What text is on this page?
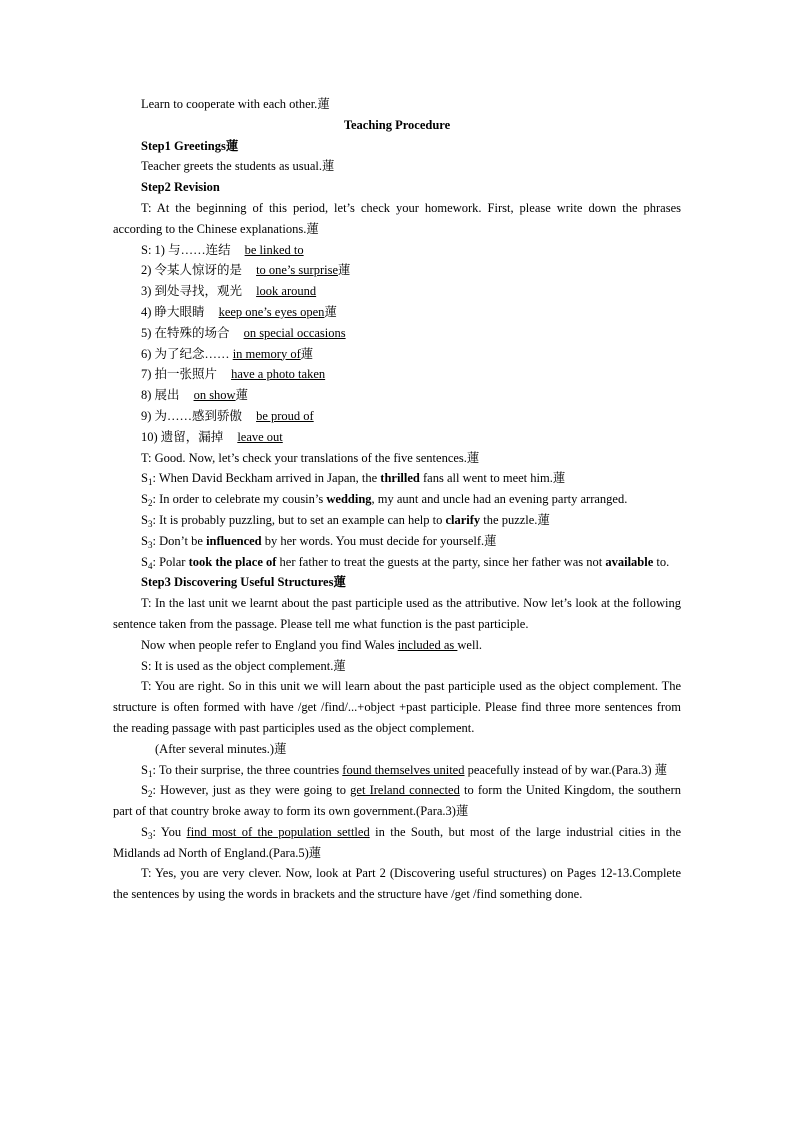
Learn to cooperate with each other.蓮

Teaching Procedure

Step1 Greetings蓮

Teacher greets the students as usual.蓮

Step2 Revision

T: At the beginning of this period, let’s check your homework. First, please write down the phrases according to the Chinese explanations.蓮

S: 1) 与……连结 be linked to

2) 令某人惊讶的是 to one’s surprise蓮

3) 到处寻找，观光 look around

4) 睁大眼睛 keep one’s eyes open蓮

5) 在特殊的场合 on special occasions

6) 为了纪念…… in memory of蓮

7) 拍一张照片 have a photo taken

8) 展出 on show蓮

9) 为……感到骄傲 be proud of

10) 遗留，漏掉 leave out

T: Good. Now, let’s check your translations of the five sentences.蓮

$S_1$: When David Beckham arrived in Japan, the thrilled fans all went to meet him.蓮

$S_2$: In order to celebrate my cousin’s wedding, my aunt and uncle had an evening party arranged.

$S_3$: It is probably puzzling, but to set an example can help to clarify the puzzle.蓮

$S_3$: Don’t be influenced by her words. You must decide for yourself.蓮

$S_4$: Polar took the place of her father to treat the guests at the party, since her father was not available to.

Step3 Discovering Useful Structures蓮

T: In the last unit we learnt about the past participle used as the attributive. Now let’s look at the following sentence taken from the passage. Please tell me what function is the past participle.

Now when people refer to England you find Wales included as well.

S: It is used as the object complement.蓮

T: You are right. So in this unit we will learn about the past participle used as the object complement. The structure is often formed with have /get /find/...+object +past participle. Please find three more sentences from the reading passage with past participles used as the object complement.

(After several minutes.)蓮

$S_1$: To their surprise, the three countries found themselves united peacefully instead of by war.(Para.3) 蓮

$S_2$: However, just as they were going to get Ireland connected to form the United Kingdom, the southern part of that country broke away to form its own government.(Para.3)蓮

$S_3$: You find most of the population settled in the South, but most of the large industrial cities in the Midlands ad North of England.(Para.5)蓮

T: Yes, you are very clever. Now, look at Part 2 (Discovering useful structures) on Pages 12-13.Complete the sentences by using the words in brackets and the structure have /get /find something done.
